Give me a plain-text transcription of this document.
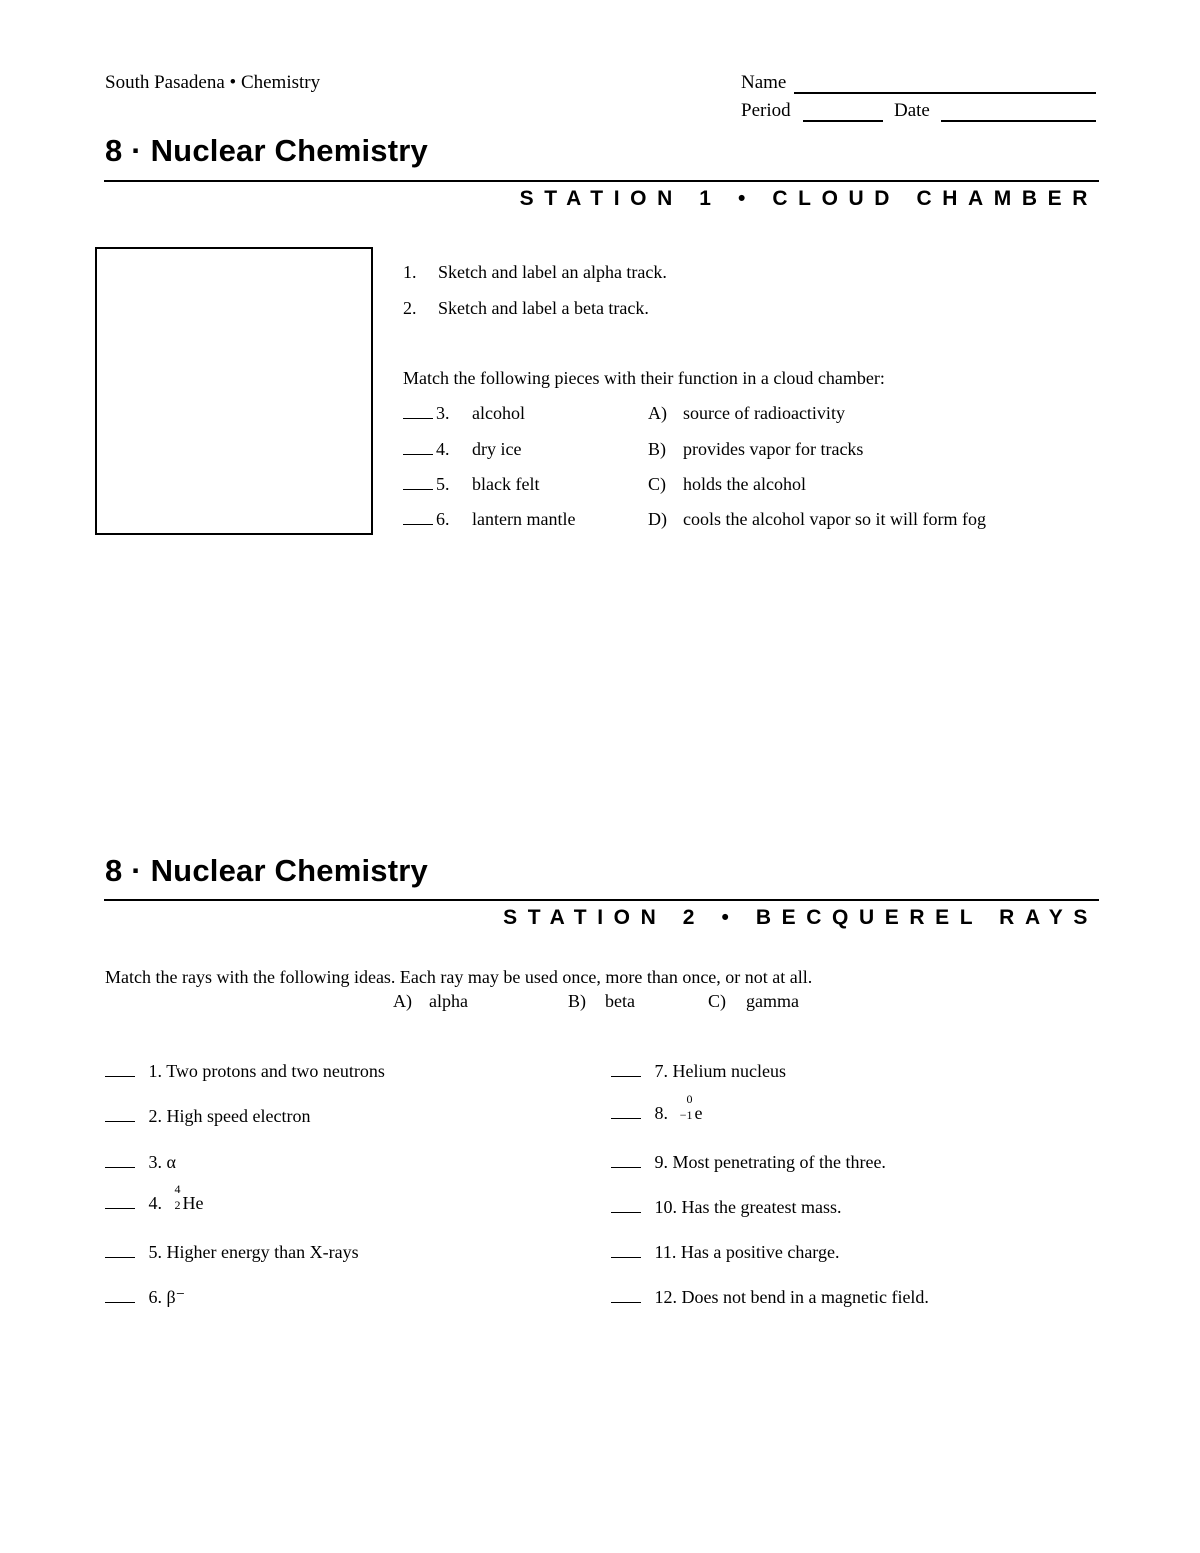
South Pasadena • Chemistry	Name
Period	Date
8 · Nuclear Chemistry
STATION 1 • CLOUD CHAMBER
1. Sketch and label an alpha track.
2. Sketch and label a beta track.
Match the following pieces with their function in a cloud chamber:
3. alcohol	A) source of radioactivity
4. dry ice	B) provides vapor for tracks
5. black felt	C) holds the alcohol
6. lantern mantle	D) cools the alcohol vapor so it will form fog
8 · Nuclear Chemistry
STATION 2 • BECQUEREL RAYS
Match the rays with the following ideas. Each ray may be used once, more than once, or not at all.
A) alpha	B) beta	C) gamma
1. Two protons and two neutrons
2. High speed electron
3. α
4.
4
2 He
5. Higher energy than X-rays
6. β⁻
7. Helium nucleus
8.
0
−1 e
9. Most penetrating of the three.
10. Has the greatest mass.
11. Has a positive charge.
12. Does not bend in a magnetic field.
